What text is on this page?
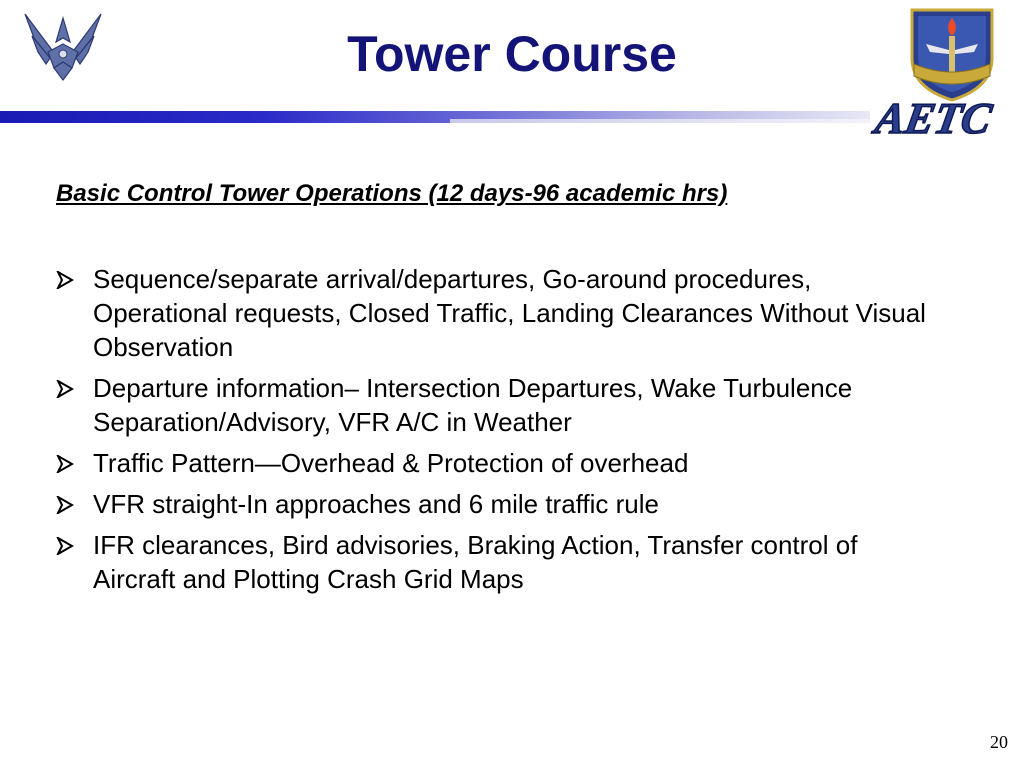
Tower Course
AETC
Basic Control Tower Operations (12 days-96 academic hrs)
Sequence/separate arrival/departures, Go-around procedures, Operational requests, Closed Traffic, Landing Clearances Without Visual Observation
Departure information– Intersection Departures, Wake Turbulence Separation/Advisory, VFR A/C in Weather
Traffic Pattern—Overhead & Protection of overhead
VFR straight-In approaches and 6 mile traffic rule
IFR clearances, Bird advisories, Braking Action, Transfer control of Aircraft and Plotting Crash Grid Maps
20
